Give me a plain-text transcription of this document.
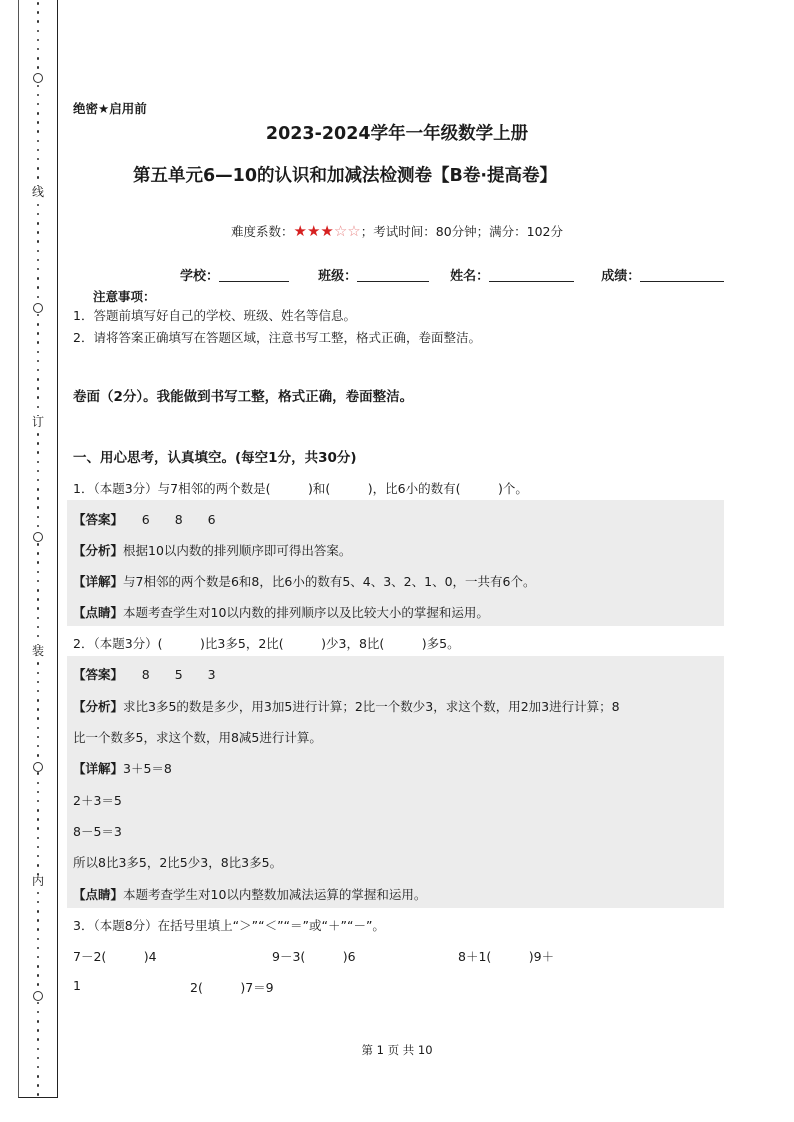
线
订
装
内
绝密★启用前
2023-2024学年一年级数学上册
第五单元6—10的认识和加减法检测卷【B卷·提高卷】
难度系数：★★★☆☆；考试时间：80分钟；满分：102分
学校：	班级：	姓名：	成绩：
注意事项：
1．答题前填写好自己的学校、班级、姓名等信息。
2．请将答案正确填写在答题区域，注意书写工整，格式正确，卷面整洁。
卷面（2分）。我能做到书写工整，格式正确，卷面整洁。
一、用心思考，认真填空。(每空1分，共30分)
1．（本题3分）与7相邻的两个数是(　　　)和(　　　)，比6小的数有(　　　)个。
【答案】　　6　　8　　6
【分析】根据10以内数的排列顺序即可得出答案。
【详解】与7相邻的两个数是6和8，比6小的数有5、4、3、2、1、0，一共有6个。
【点睛】本题考查学生对10以内数的排列顺序以及比较大小的掌握和运用。
2．（本题3分）(　　　)比3多5，2比(　　　)少3，8比(　　　)多5。
【答案】　　8　　5　　3
【分析】求比3多5的数是多少，用3加5进行计算；2比一个数少3，求这个数，用2加3进行计算；8
比一个数多5，求这个数，用8减5进行计算。
【详解】3＋5＝8
2＋3＝5
8－5＝3
所以8比3多5，2比5少3，8比3多5。
【点睛】本题考查学生对10以内整数加减法运算的掌握和运用。
3．（本题8分）在括号里填上“＞”“＜”“＝”或“＋”“－”。
7－2(　　　)4	9－3(　　　)6	8＋1(　　　)9＋
1	2(　　　)7＝9
第 1 页 共 10
